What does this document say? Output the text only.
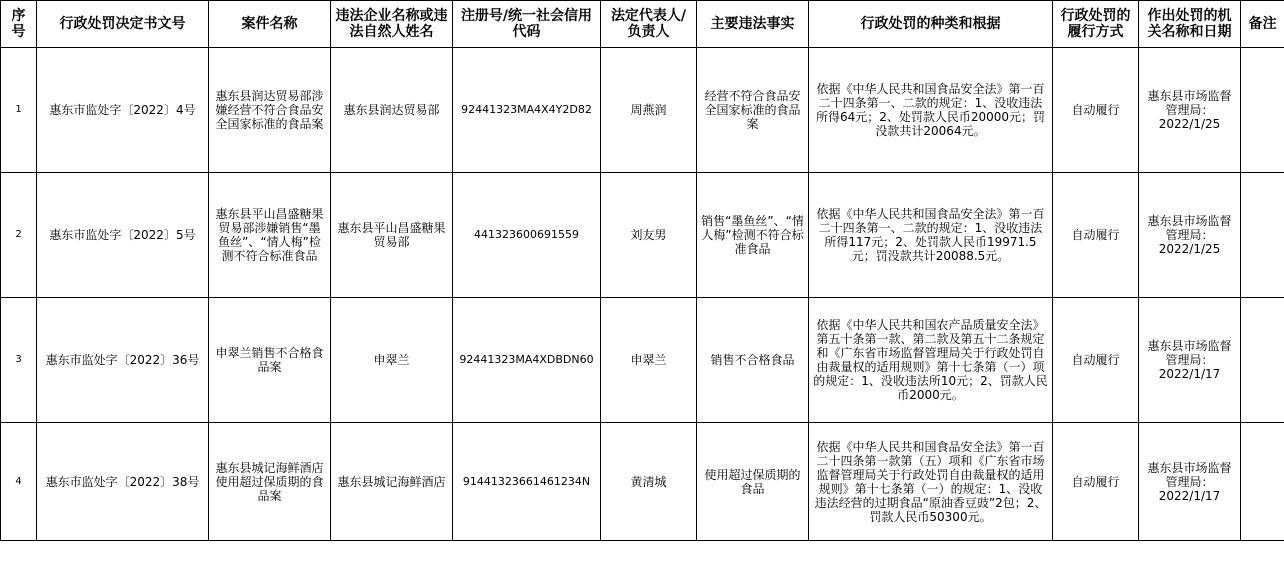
序号	行政处罚决定书文号	案件名称	违法企业名称或违法自然人姓名	注册号/统一社会信用代码	法定代表人/负责人	主要违法事实	行政处罚的种类和根据	行政处罚的履行方式	作出处罚的机关名称和日期	备注
1	惠东市监处字〔2022〕4号	惠东县润达贸易部涉嫌经营不符合食品安全国家标准的食品案	惠东县润达贸易部	92441323MA4X4Y2D82	周燕润	经营不符合食品安全国家标准的食品案	依据《中华人民共和国食品安全法》第一百二十四条第一、二款的规定：1、没收违法所得64元；2、处罚款人民币20000元；罚没款共计20064元。	自动履行	惠东县市场监督管理局：2022/1/25	
2	惠东市监处字〔2022〕5号	惠东县平山昌盛糖果贸易部涉嫌销售“墨鱼丝”、“情人梅”检测不符合标准食品	惠东县平山昌盛糖果贸易部	441323600691559	刘友男	销售“墨鱼丝”、“情人梅”检测不符合标准食品	依据《中华人民共和国食品安全法》第一百二十四条第一、二款的规定：1、没收违法所得117元；2、处罚款人民币19971.5元；罚没款共计20088.5元。	自动履行	惠东县市场监督管理局：2022/1/25	
3	惠东市监处字〔2022〕36号	申翠兰销售不合格食品案	申翠兰	92441323MA4XDBDN60	申翠兰	销售不合格食品	依据《中华人民共和国农产品质量安全法》第五十条第一款、第二款及第五十二条规定和《广东省市场监督管理局关于行政处罚自由裁量权的适用规则》第十七条第（一）项的规定：1、没收违法所10元；2、罚款人民币2000元。	自动履行	惠东县市场监督管理局：2022/1/17	
4	惠东市监处字〔2022〕38号	惠东县城记海鲜酒店使用超过保质期的食品案	惠东县城记海鲜酒店	91441323661461234N	黄清城	使用超过保质期的食品	依据《中华人民共和国食品安全法》第一百二十四条第一款第（五）项和《广东省市场监督管理局关于行政处罚自由裁量权的适用规则》第十七条第（一）的规定：1、没收违法经营的过期食品“原油香豆豉”2包；2、罚款人民币50300元。	自动履行	惠东县市场监督管理局：2022/1/17	
